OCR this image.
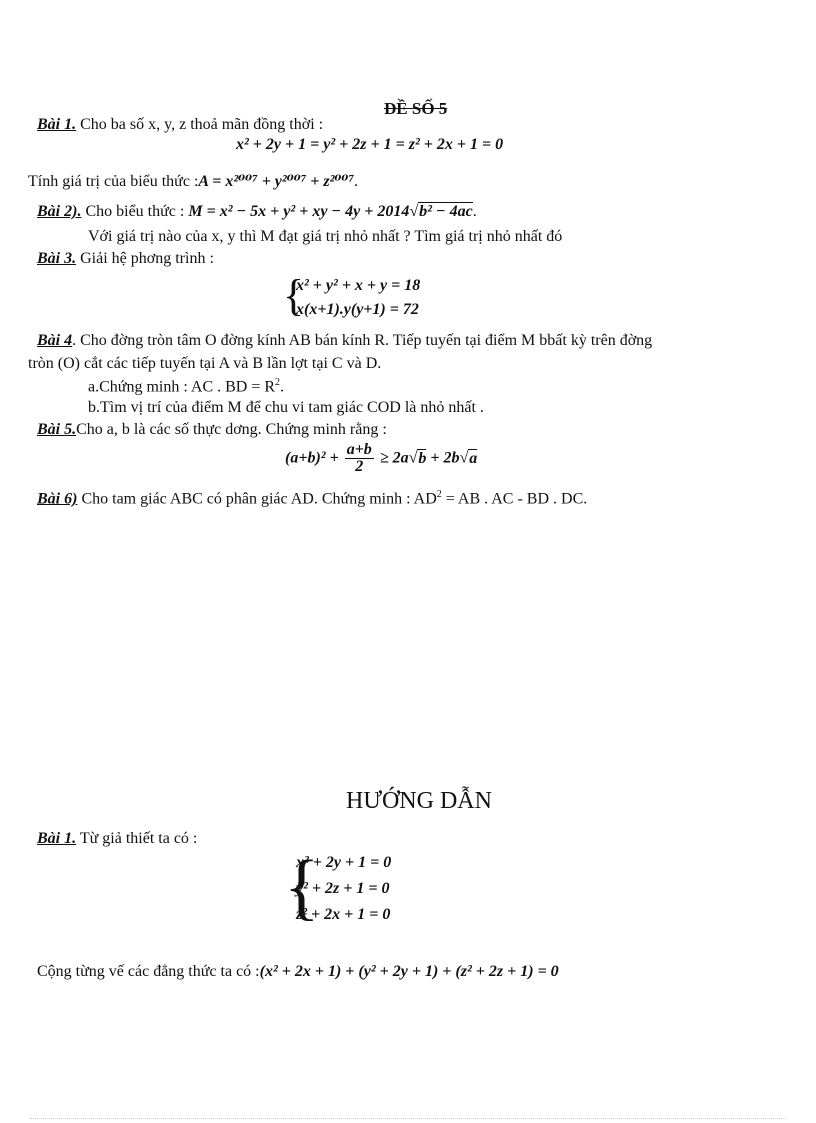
ĐỀ SỐ 5
Bài 1. Cho ba số x, y, z thoả mãn đồng thời :
x² + 2y + 1 = y² + 2z + 1 = z² + 2x + 1 = 0
Tính giá trị của biểu thức :A = x²⁰⁰⁷ + y²⁰⁰⁷ + z²⁰⁰⁷.
Bài 2). Cho biểu thức : M = x² − 5x + y² + xy − 4y + 2014√b² − 4ac.
Với giá trị nào của x, y thì M đạt giá trị nhỏ nhất ? Tìm giá trị nhỏ nhất đó
Bài 3. Giải hệ phơng trình :
{
x² + y² + x + y = 18
x(x+1).y(y+1) = 72
Bài 4. Cho đờng tròn tâm O đờng kính AB bán kính R. Tiếp tuyến tại điểm M bbất kỳ trên đờng
tròn (O) cắt các tiếp tuyến tại A và B lần lợt tại C và D.
a.Chứng minh : AC . BD = $R^2$.
b.Tìm vị trí của điểm M để chu vi tam giác COD là nhỏ nhất .
Bài 5.Cho a, b là các số thực dơng. Chứng minh rằng :
$(a+b)^2 + \frac{a+b}{2} \ge 2a√b + 2b√a$
Bài 6) Cho tam giác ABC có phân giác AD. Chứng minh : $AD^2$ = AB . AC - BD . DC.
HƯỚNG DẪN
Bài 1. Từ giả thiết ta có :
{
x² + 2y + 1 = 0
y² + 2z + 1 = 0
z² + 2x + 1 = 0
Cộng từng vế các đẳng thức ta có :(x² + 2x + 1) + (y² + 2y + 1) + (z² + 2z + 1) = 0
